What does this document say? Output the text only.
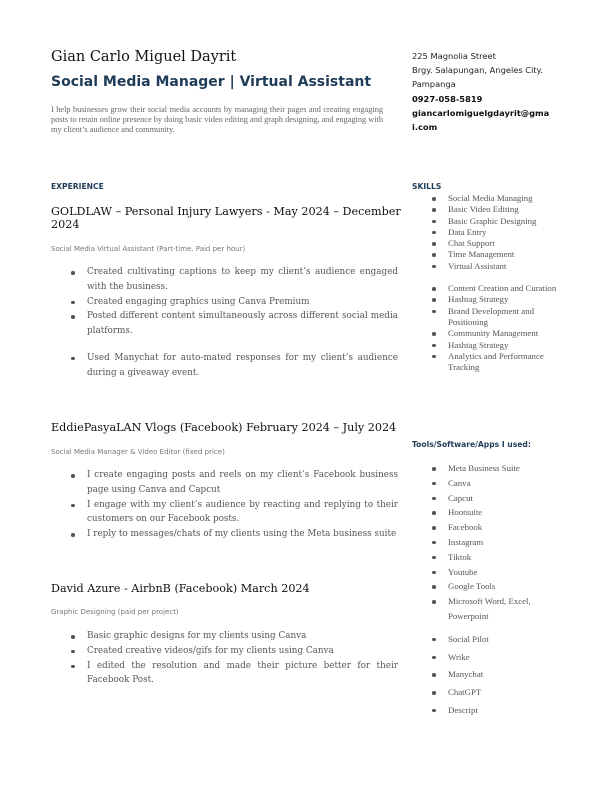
Gian Carlo Miguel Dayrit
Social Media Manager | Virtual Assistant
I help businesses grow their social media accounts by managing their pages and creating engaging posts to retain online presence by doing basic video editing and graph designing, and engaging with my client’s audience and community.
225 Magnolia Street
Brgy. Salapungan, Angeles City.
Pampanga
0927-058-5819
giancarlomiguelgdayrit@gmai.com
EXPERIENCE
GOLDLAW – Personal Injury Lawyers - May 2024 – December 2024
Social Media Virtual Assistant (Part-time. Paid per hour)
Created cultivating captions to keep my client’s audience engaged with the business.
Created engaging graphics using Canva Premium
Posted different content simultaneously across different social media platforms.
Used Manychat for auto-mated responses for my client’s audience during a giveaway event.
EddiePasyaLAN Vlogs (Facebook) February 2024 – July 2024
Social Media Manager & Video Editor (fixed price)
I create engaging posts and reels on my client’s Facebook business page using Canva and Capcut
I engage with my client’s audience by reacting and replying to their customers on our Facebook posts.
I reply to messages/chats of my clients using the Meta business suite
David Azure - AirbnB (Facebook) March 2024
Graphic Designing (paid per project)
Basic graphic designs for my clients using Canva
Created creative videos/gifs for my clients using Canva
I edited the resolution and made their picture better for their Facebook Post.
SKILLS
Social Media Managing
Basic Video Editing
Basic Graphic Designing
Data Entry
Chat Support
Time Management
Virtual Assistant
Content Creation and Curation
Hashtag Strategy
Brand Development and Positioning
Community Management
Hashtag Strategy
Analytics and Performance Tracking
Tools/Software/Apps I used:
Meta Business Suite
Canva
Capcut
Hootsuite
Facebook
Instagram
Tiktok
Youtube
Google Tools
Microsoft Word, Excel, Powerpoint
Social Pilot
Wrike
Manychat
ChatGPT
Descript
